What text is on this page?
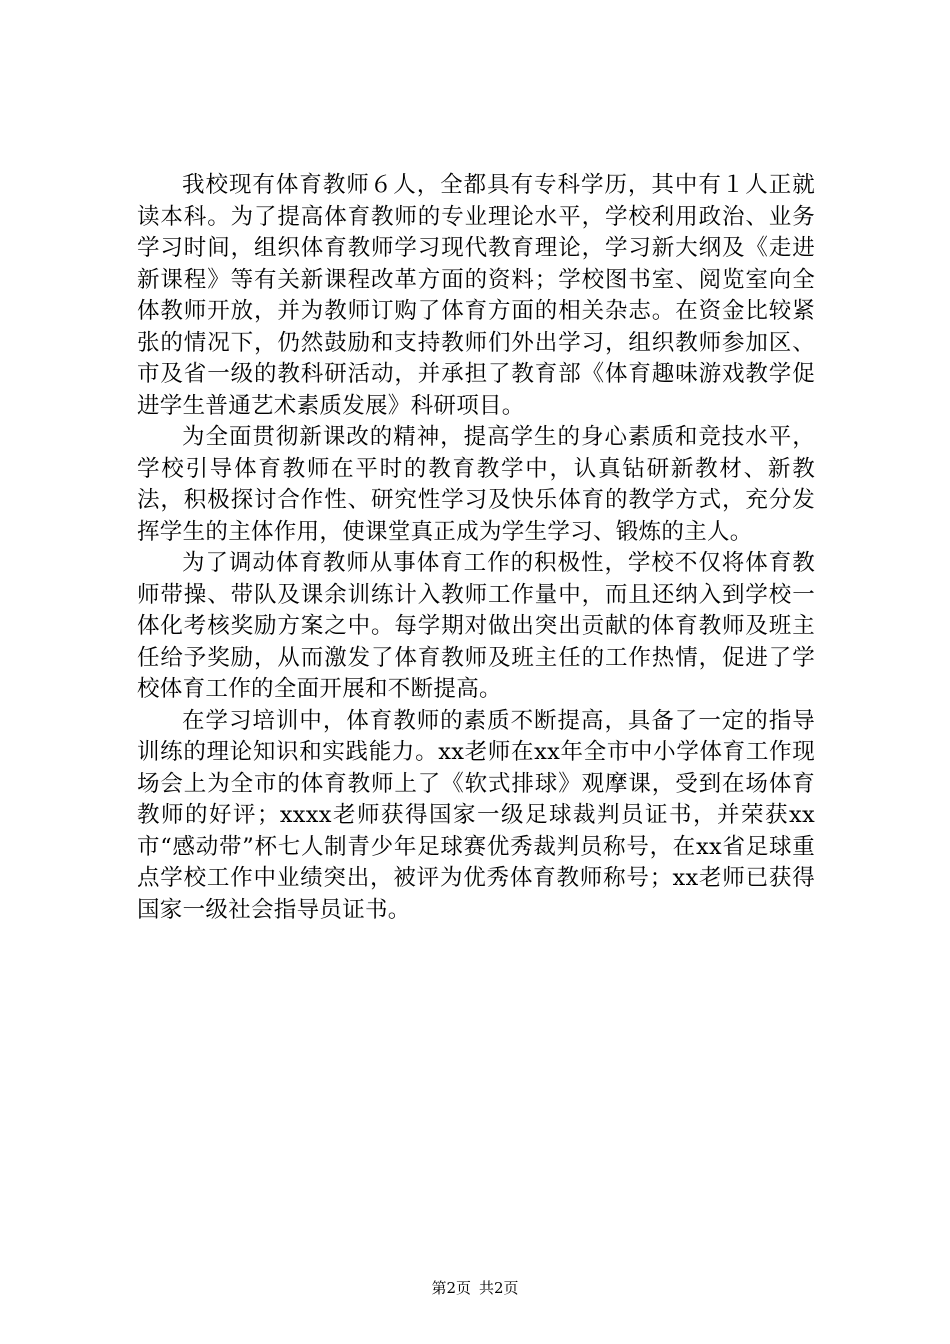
我校现有体育教师６人，全都具有专科学历，其中有１人正就读本科。为了提高体育教师的专业理论水平，学校利用政治、业务学习时间，组织体育教师学习现代教育理论，学习新大纲及《走进新课程》等有关新课程改革方面的资料；学校图书室、阅览室向全体教师开放，并为教师订购了体育方面的相关杂志。在资金比较紧张的情况下，仍然鼓励和支持教师们外出学习，组织教师参加区、市及省一级的教科研活动，并承担了教育部《体育趣味游戏教学促进学生普通艺术素质发展》科研项目。

为全面贯彻新课改的精神，提高学生的身心素质和竞技水平，学校引导体育教师在平时的教育教学中，认真钻研新教材、新教法，积极探讨合作性、研究性学习及快乐体育的教学方式，充分发挥学生的主体作用，使课堂真正成为学生学习、锻炼的主人。

为了调动体育教师从事体育工作的积极性，学校不仅将体育教师带操、带队及课余训练计入教师工作量中，而且还纳入到学校一体化考核奖励方案之中。每学期对做出突出贡献的体育教师及班主任给予奖励，从而激发了体育教师及班主任的工作热情，促进了学校体育工作的全面开展和不断提高。

在学习培训中，体育教师的素质不断提高，具备了一定的指导训练的理论知识和实践能力。xx老师在xx年全市中小学体育工作现场会上为全市的体育教师上了《软式排球》观摩课，受到在场体育教师的好评；xxxx老师获得国家一级足球裁判员证书，并荣获xx市“感动带”杯七人制青少年足球赛优秀裁判员称号，在xx省足球重点学校工作中业绩突出，被评为优秀体育教师称号；xx老师已获得国家一级社会指导员证书。

第2页 共2页
